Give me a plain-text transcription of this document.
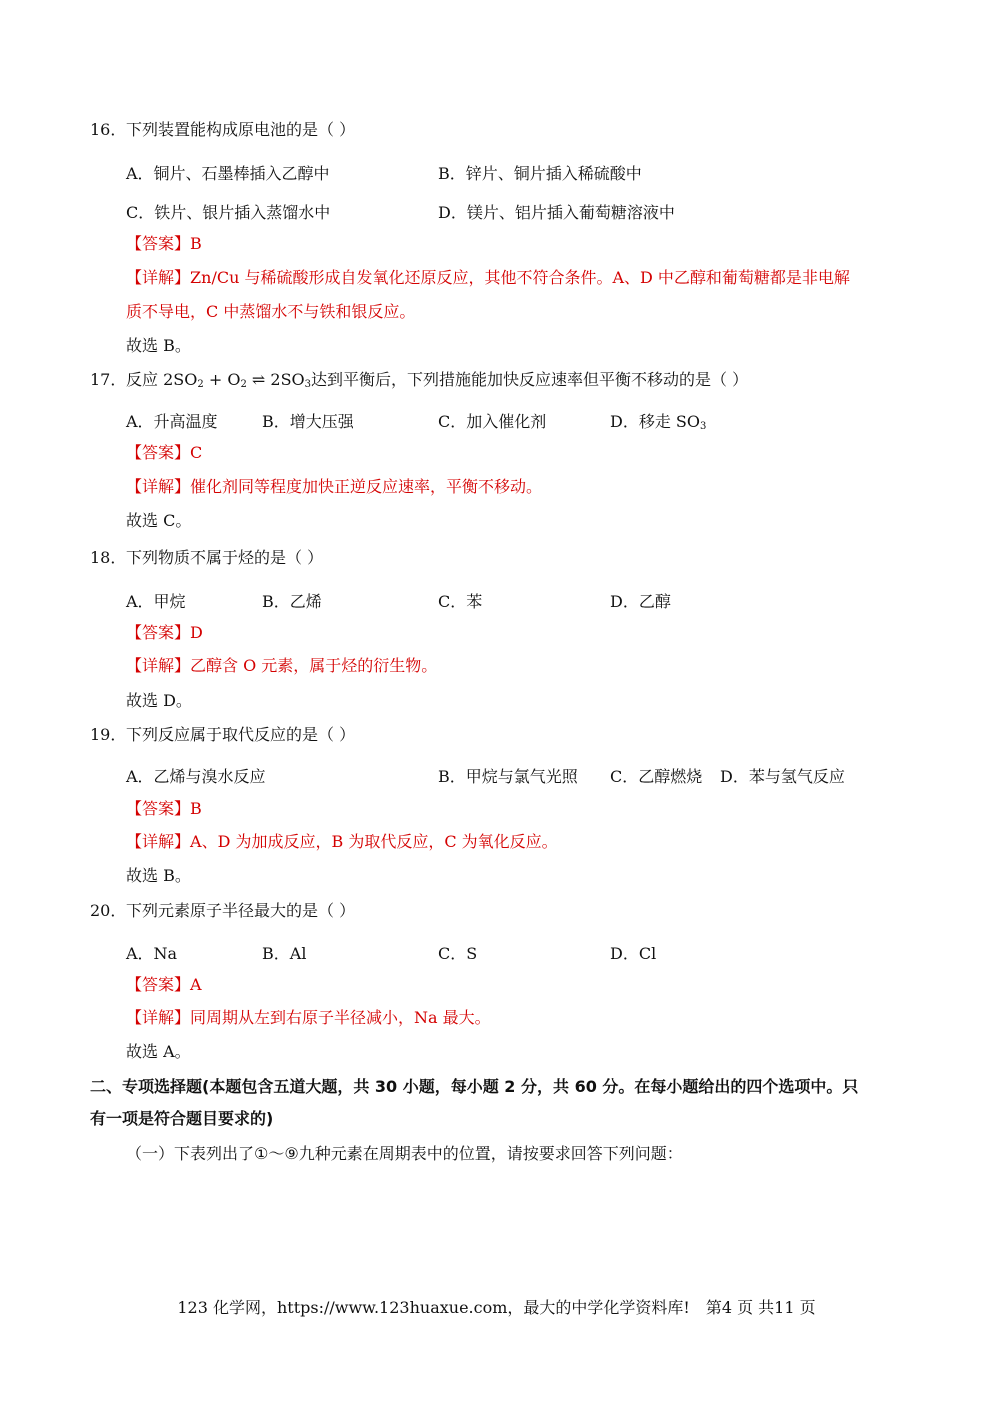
16． 下列装置能构成原电池的是（ ）
A．铜片、石墨棒插入乙醇中	B．锌片、铜片插入稀硫酸中
C．铁片、银片插入蒸馏水中	D．镁片、铝片插入葡萄糖溶液中
【答案】B
【详解】Zn/Cu 与稀硫酸形成自发氧化还原反应，其他不符合条件。A、D 中乙醇和葡萄糖都是非电解
质不导电，C 中蒸馏水不与铁和银反应。
故选 B。
17． 反应 $2SO_2 + O_2$ ⇌ $2SO_3$达到平衡后，下列措施能加快反应速率但平衡不移动的是（ ）
A．升高温度	B．增大压强	C．加入催化剂	D．移走 $SO_3$
【答案】C
【详解】催化剂同等程度加快正逆反应速率，平衡不移动。
故选 C。
18． 下列物质不属于烃的是（ ）
A．甲烷	B．乙烯	C．苯	D．乙醇
【答案】D
【详解】乙醇含 O 元素，属于烃的衍生物。
故选 D。
19． 下列反应属于取代反应的是（ ）
A．乙烯与溴水反应	B．甲烷与氯气光照 C．乙醇燃烧 D．苯与氢气反应
【答案】B
【详解】A、D 为加成反应，B 为取代反应，C 为氧化反应。
故选 B。
20． 下列元素原子半径最大的是（ ）
A．Na	B．Al	C．S	D．Cl
【答案】A
【详解】同周期从左到右原子半径减小，Na 最大。
故选 A。
二、专项选择题(本题包含五道大题，共 30 小题，每小题 2 分，共 60 分。在每小题给出的四个选项中。只
有一项是符合题目要求的)
（一）下表列出了①～⑨九种元素在周期表中的位置，请按要求回答下列问题：
123 化学网，https://www.123huaxue.com，最大的中学化学资料库!　第4 页 共11 页
